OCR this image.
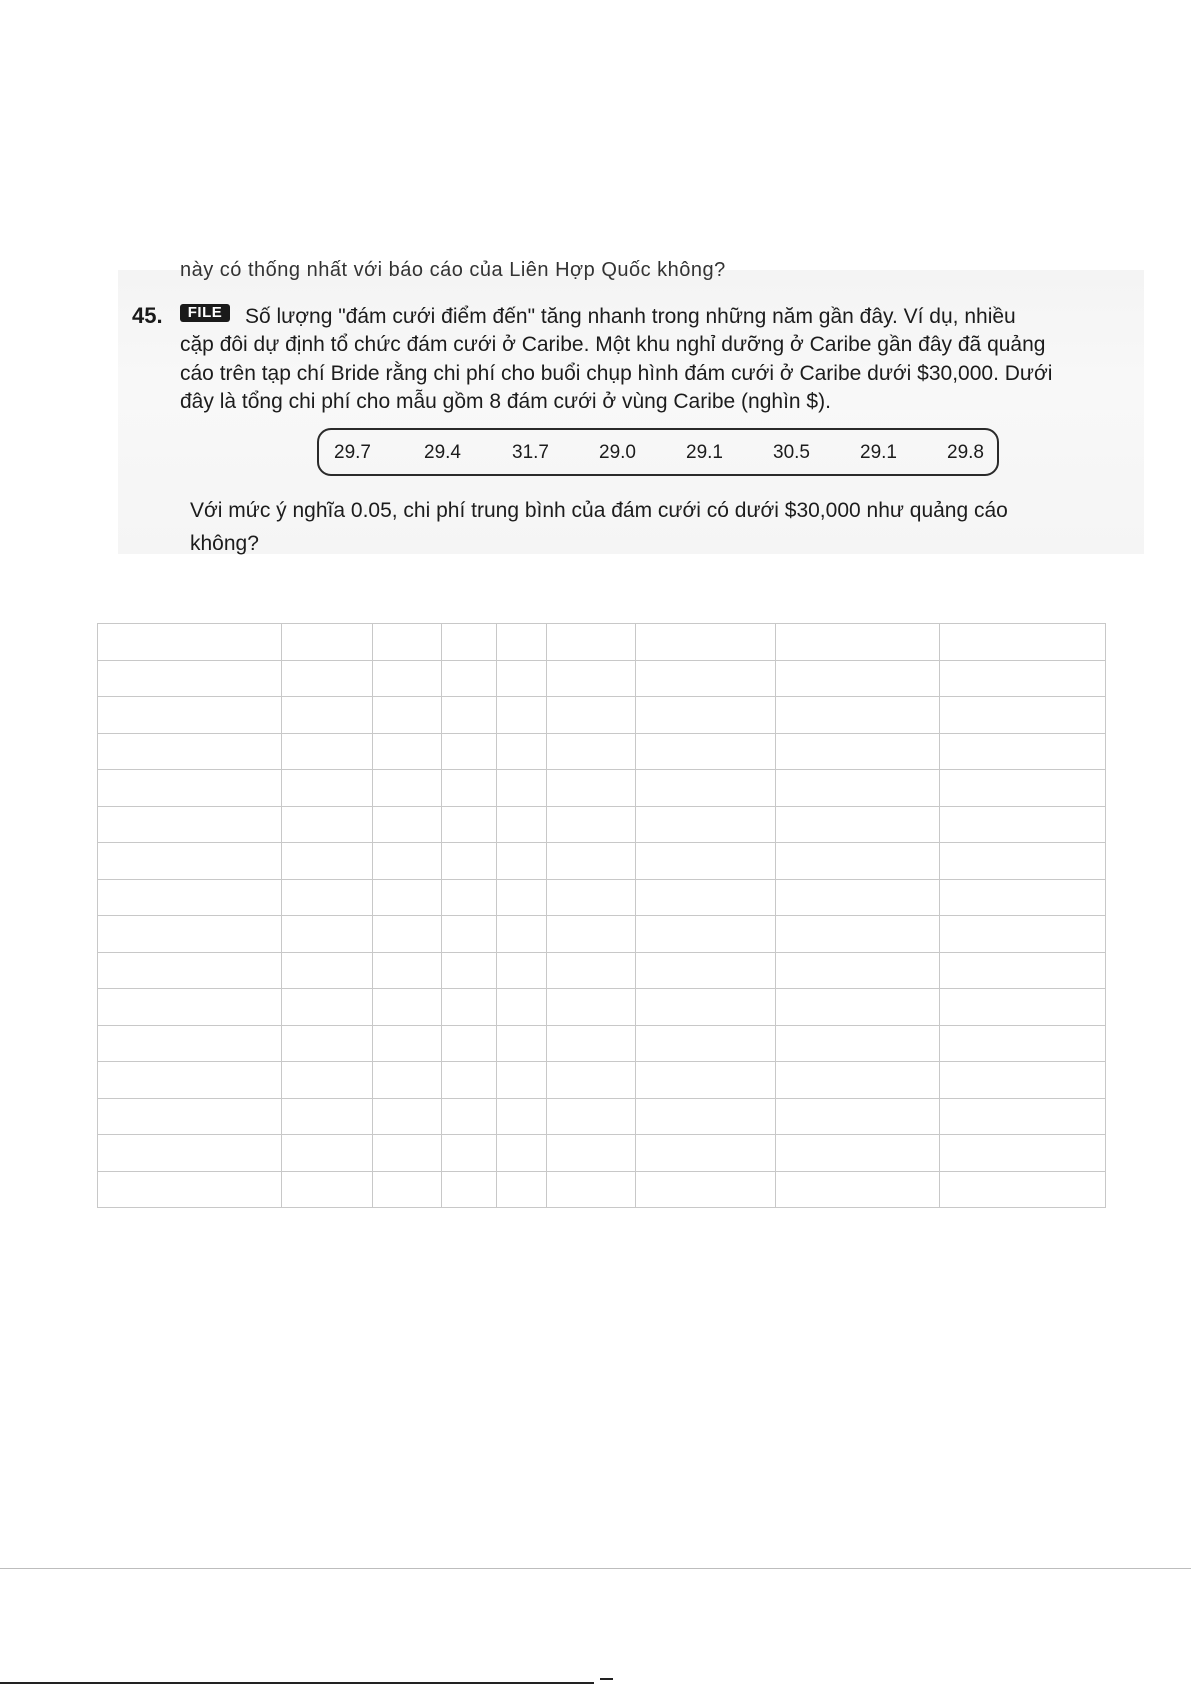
này có thống nhất với báo cáo của Liên Hợp Quốc không?
45.	FILE	Số lượng "đám cưới điểm đến" tăng nhanh trong những năm gần đây. Ví dụ, nhiều
cặp đôi dự định tổ chức đám cưới ở Caribe. Một khu nghỉ dưỡng ở Caribe gần đây đã quảng
cáo trên tạp chí Bride rằng chi phí cho buổi chụp hình đám cưới ở Caribe dưới $30,000. Dưới
đây là tổng chi phí cho mẫu gồm 8 đám cưới ở vùng Caribe (nghìn $).
29.7	29.4	31.7	29.0	29.1	30.5	29.1	29.8
Với mức ý nghĩa 0.05, chi phí trung bình của đám cưới có dưới $30,000 như quảng cáo
không?
